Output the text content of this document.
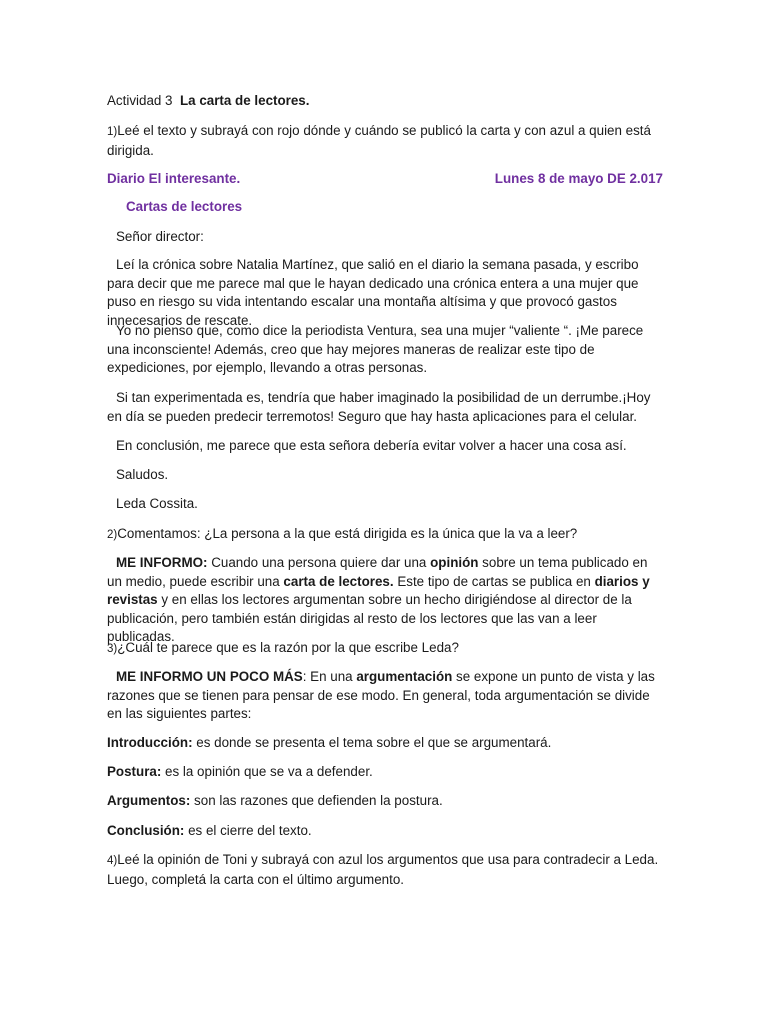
Actividad 3 La carta de lectores.
1)Leé el texto y subrayá con rojo dónde y cuándo se publicó la carta y con azul a quien está dirigida.
Diario El interesante.	Lunes 8 de mayo DE 2.017
Cartas de lectores
Señor director:
Leí la crónica sobre Natalia Martínez, que salió en el diario la semana pasada, y escribo para decir que me parece mal que le hayan dedicado una crónica entera a una mujer que puso en riesgo su vida intentando escalar una montaña altísima y que provocó gastos innecesarios de rescate.
Yo no pienso que, como dice la periodista Ventura, sea una mujer “valiente “. ¡Me parece una inconsciente! Además, creo que hay mejores maneras de realizar este tipo de expediciones, por ejemplo, llevando a otras personas.
Si tan experimentada es, tendría que haber imaginado la posibilidad de un derrumbe.¡Hoy en día se pueden predecir terremotos! Seguro que hay hasta aplicaciones para el celular.
En conclusión, me parece que esta señora debería evitar volver a hacer una cosa así.
Saludos.
Leda Cossita.
2)Comentamos: ¿La persona a la que está dirigida es la única que la va a leer?
ME INFORMO: Cuando una persona quiere dar una opinión sobre un tema publicado en un medio, puede escribir una carta de lectores. Este tipo de cartas se publica en diarios y revistas y en ellas los lectores argumentan sobre un hecho dirigiéndose al director de la publicación, pero también están dirigidas al resto de los lectores que las van a leer publicadas.
3)¿Cuál te parece que es la razón por la que escribe Leda?
ME INFORMO UN POCO MÁS: En una argumentación se expone un punto de vista y las razones que se tienen para pensar de ese modo. En general, toda argumentación se divide en las siguientes partes:
Introducción: es donde se presenta el tema sobre el que se argumentará.
Postura: es la opinión que se va a defender.
Argumentos: son las razones que defienden la postura.
Conclusión: es el cierre del texto.
4)Leé la opinión de Toni y subrayá con azul los argumentos que usa para contradecir a Leda. Luego, completá la carta con el último argumento.
